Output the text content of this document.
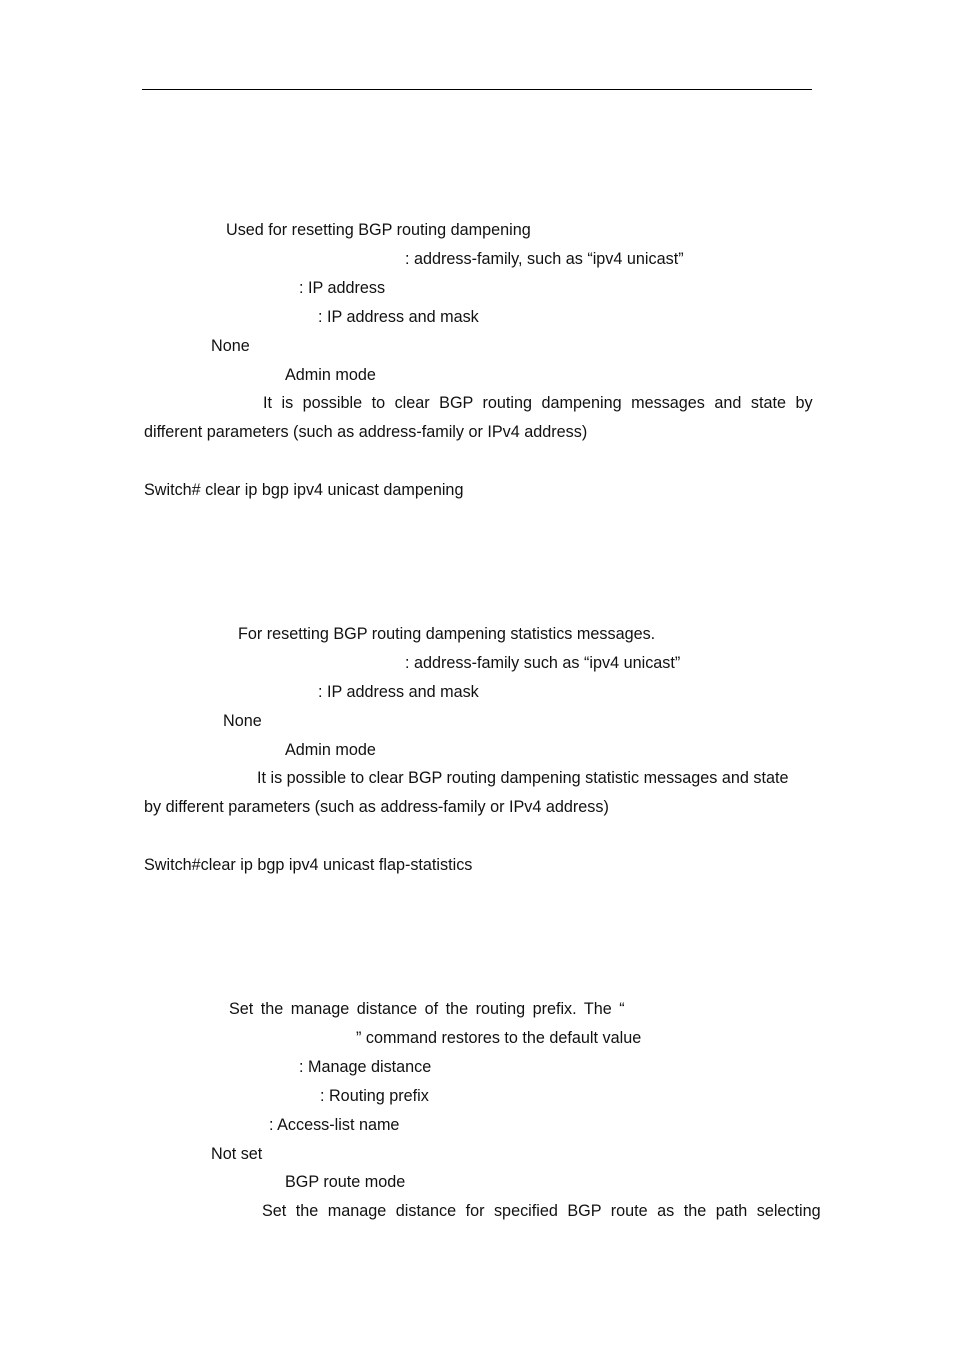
Used for resetting BGP routing dampening
: address-family, such as “ipv4 unicast”
: IP address
: IP address and mask
None
Admin mode
It is possible to clear BGP routing dampening messages and state by
different parameters (such as address-family or IPv4 address)
Switch# clear ip bgp ipv4 unicast dampening
For resetting BGP routing dampening statistics messages.
: address-family such as “ipv4 unicast”
: IP address and mask
None
Admin mode
It is possible to clear BGP routing dampening statistic messages and state
by different parameters (such as address-family or IPv4 address)
Switch#clear ip bgp ipv4 unicast flap-statistics
Set the manage distance of the routing prefix. The “
” command restores to the default value
: Manage distance
: Routing prefix
: Access-list name
Not set
BGP route mode
Set the manage distance for specified BGP route as the path selecting
